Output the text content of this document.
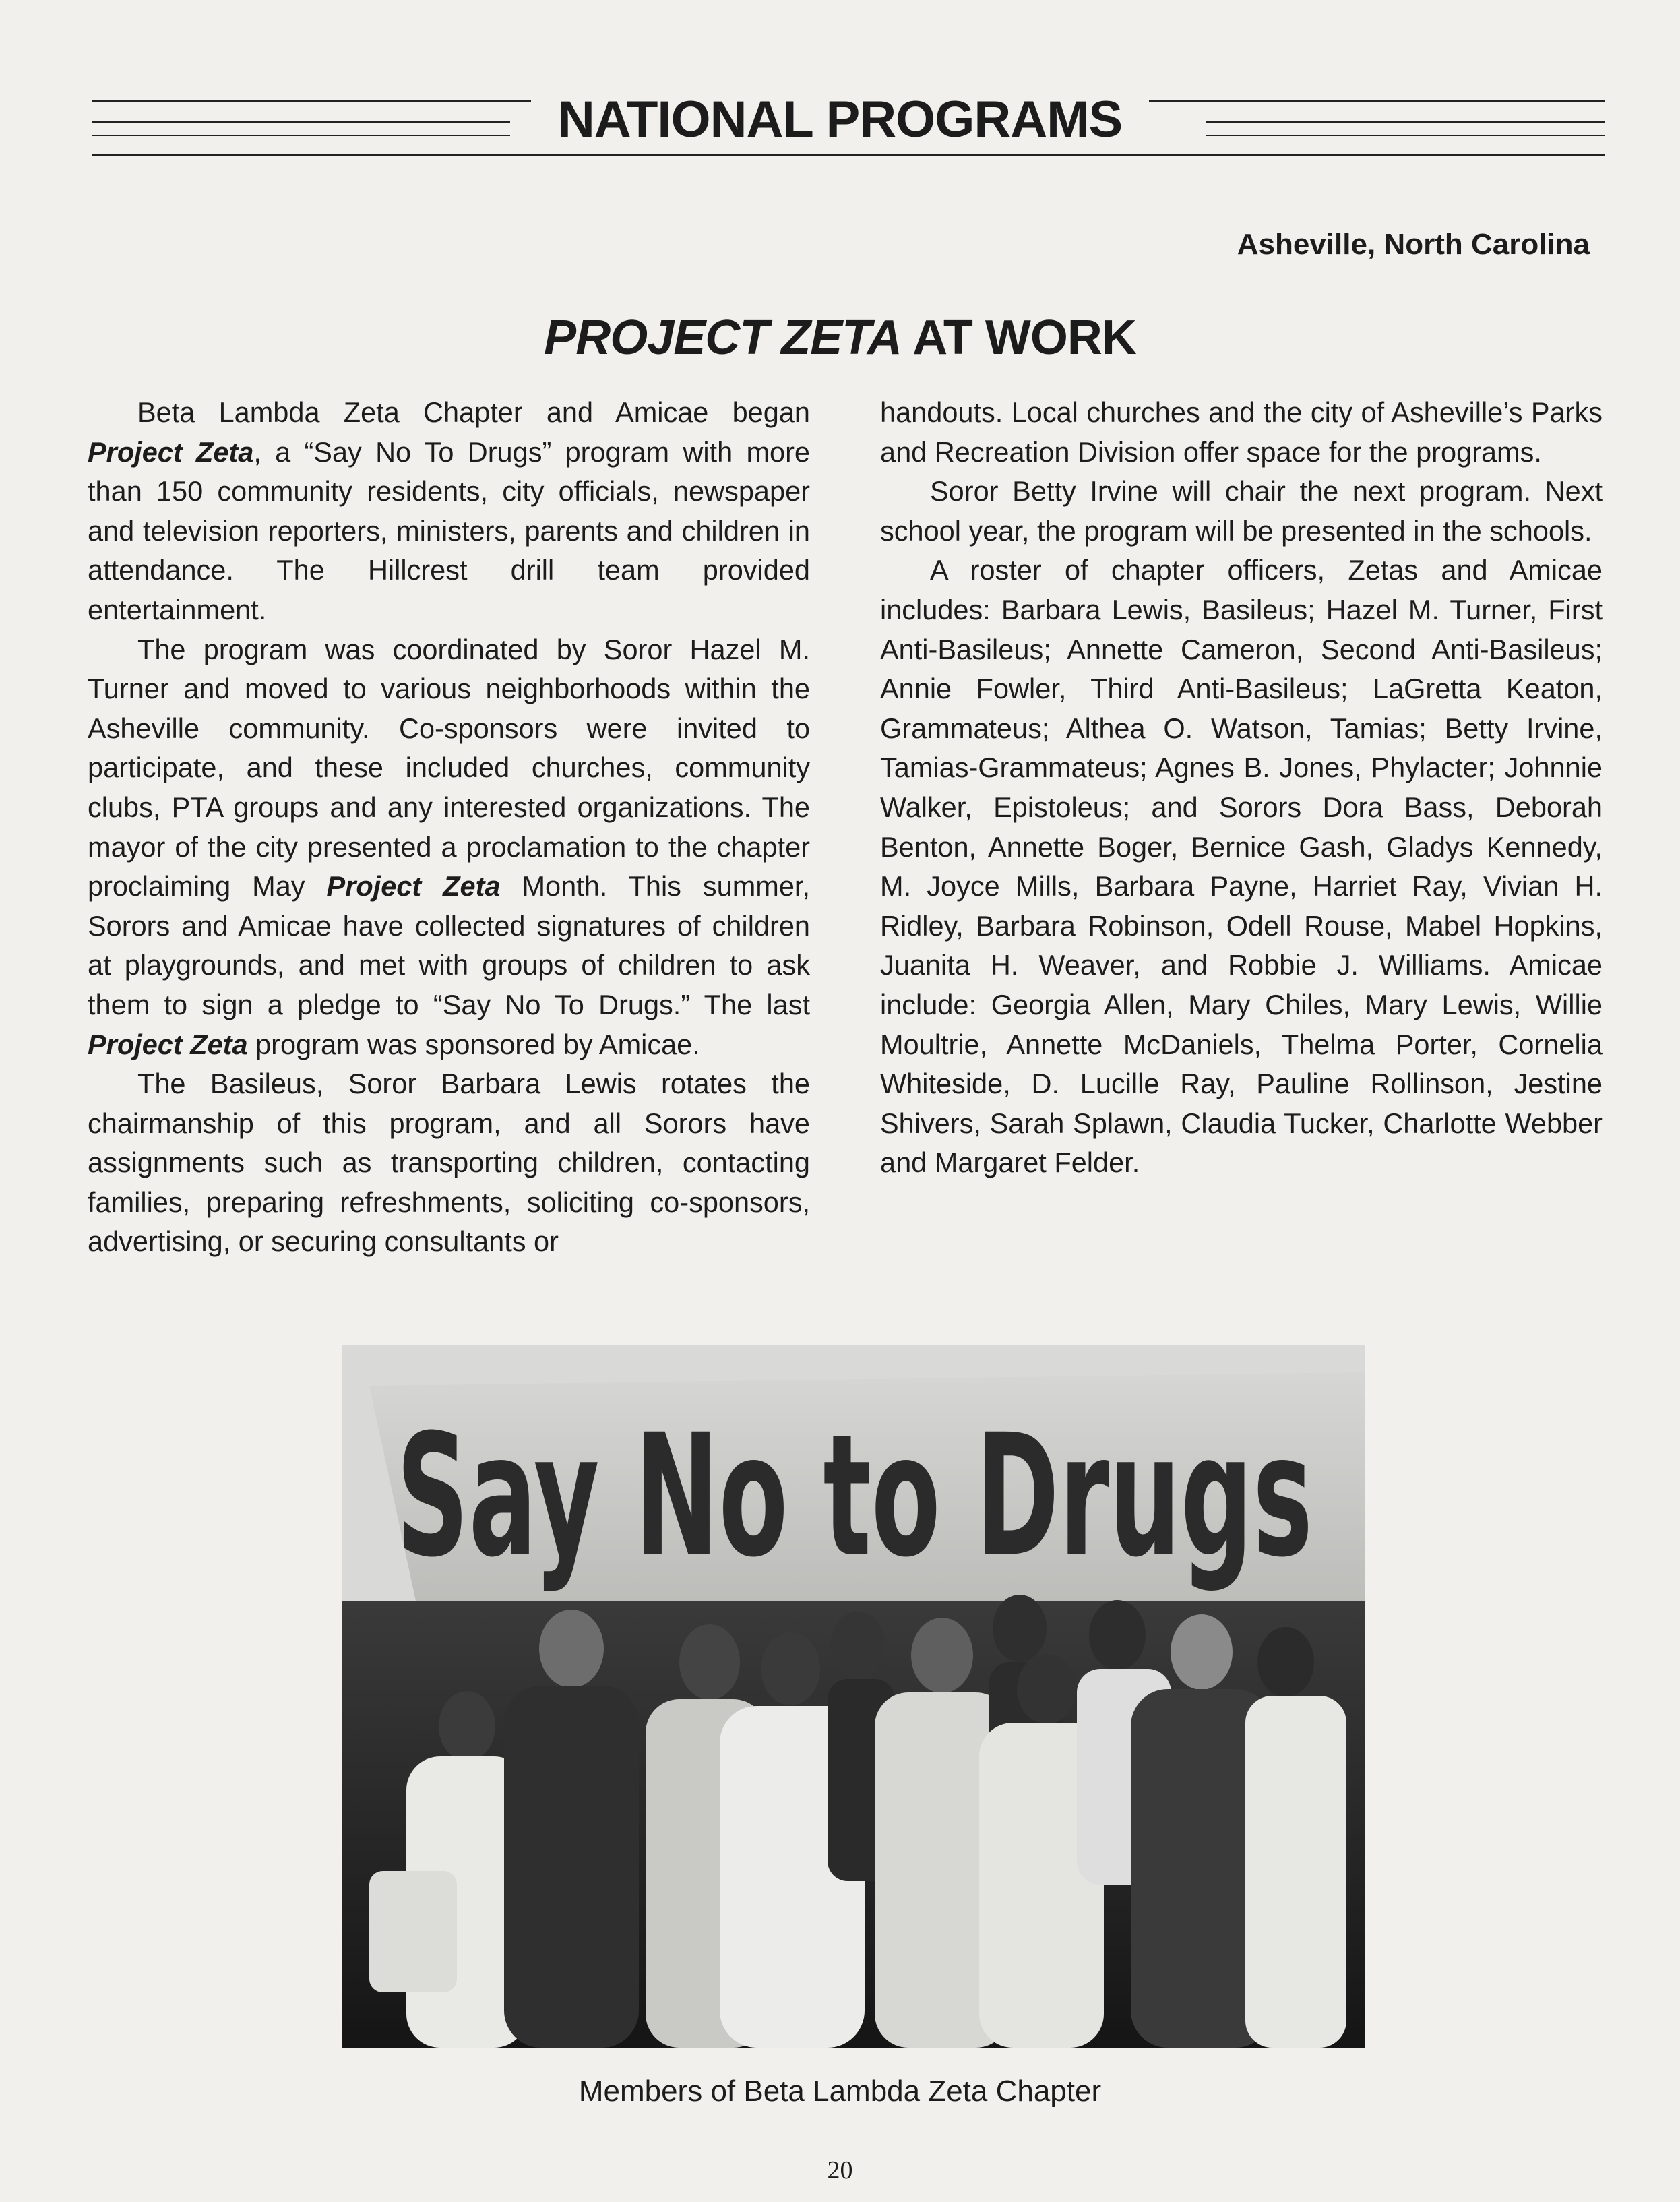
NATIONAL PROGRAMS
Asheville, North Carolina
PROJECT ZETA AT WORK

Beta Lambda Zeta Chapter and Amicae began Project Zeta, a “Say No To Drugs” program with more than 150 community residents, city officials, newspaper and television reporters, ministers, parents and children in attendance. The Hillcrest drill team provided entertainment.

The program was coordinated by Soror Hazel M. Turner and moved to various neighborhoods within the Asheville community. Co-sponsors were invited to participate, and these included churches, community clubs, PTA groups and any interested organizations. The mayor of the city presented a proclamation to the chapter proclaiming May Project Zeta Month. This summer, Sorors and Amicae have collected signatures of children at playgrounds, and met with groups of children to ask them to sign a pledge to “Say No To Drugs.” The last Project Zeta program was sponsored by Amicae.

The Basileus, Soror Barbara Lewis rotates the chairmanship of this program, and all Sorors have assignments such as transporting children, contacting families, preparing refreshments, soliciting co-sponsors, advertising, or securing consultants or

handouts. Local churches and the city of Asheville’s Parks and Recreation Division offer space for the programs.

Soror Betty Irvine will chair the next program. Next school year, the program will be presented in the schools.

A roster of chapter officers, Zetas and Amicae includes: Barbara Lewis, Basileus; Hazel M. Turner, First Anti-Basileus; Annette Cameron, Second Anti-Basileus; Annie Fowler, Third Anti-Basileus; LaGretta Keaton, Grammateus; Althea O. Watson, Tamias; Betty Irvine, Tamias-Grammateus; Agnes B. Jones, Phylacter; Johnnie Walker, Epistoleus; and Sorors Dora Bass, Deborah Benton, Annette Boger, Bernice Gash, Gladys Kennedy, M. Joyce Mills, Barbara Payne, Harriet Ray, Vivian H. Ridley, Barbara Robinson, Odell Rouse, Mabel Hopkins, Juanita H. Weaver, and Robbie J. Williams. Amicae include: Georgia Allen, Mary Chiles, Mary Lewis, Willie Moultrie, Annette McDaniels, Thelma Porter, Cornelia Whiteside, D. Lucille Ray, Pauline Rollinson, Jestine Shivers, Sarah Splawn, Claudia Tucker, Charlotte Webber and Margaret Felder.

Say No to Drugs
Members of Beta Lambda Zeta Chapter
20
